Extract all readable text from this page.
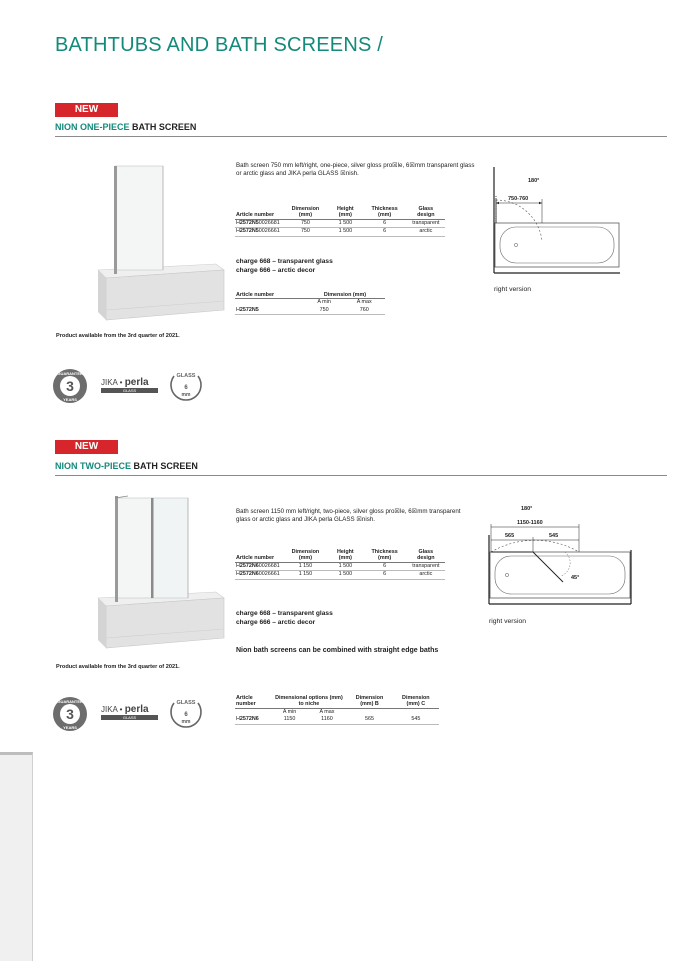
BATHTUBS AND BATH SCREENS /
NEW
NION ONE-PIECE BATH SCREEN
Bath screen 750 mm left/right, one-piece, silver gloss pro☒le, 6☒mm transparent glass or arctic glass and JIKA perla GLASS ☒nish.
Article number	Dimension (mm)	Height (mm)	Thickness (mm)	Glass design
H2572N50026681	750	1 500	6	transparent
H2572N50026661	750	1 500	6	arctic
charge 668 – transparent glass
charge 666 – arctic decor
Article number	Dimension (mm)	
	A min	A max
H2572N5	750	760
180°
750-760
right version
Product available from the 3rd quarter of 2021.
3
GUARANTEE
YEARS
JIKA • perla
GLASS
GLASS
6
mm
NEW
NION TWO-PIECE BATH SCREEN
Bath screen 1150 mm left/right, two-piece, silver gloss pro☒le, 6☒mm transparent glass or arctic glass and JIKA perla GLASS ☒nish.
Article number	Dimension (mm)	Height (mm)	Thickness (mm)	Glass design
H2572N60026681	1 150	1 500	6	transparent
H2572N60026661	1 150	1 500	6	arctic
charge 668 – transparent glass
charge 666 – arctic decor
Nion bath screens can be combined with straight edge baths
Article number	Dimensional options (mm) to niche		Dimension (mm) B	Dimension (mm) C
	A min	A max		
H2572N6	1150	1160	565	545
180°
1150-1160
565	545
45°
right version
Product available from the 3rd quarter of 2021.
3
GUARANTEE
YEARS
JIKA • perla
GLASS
GLASS
6
mm
